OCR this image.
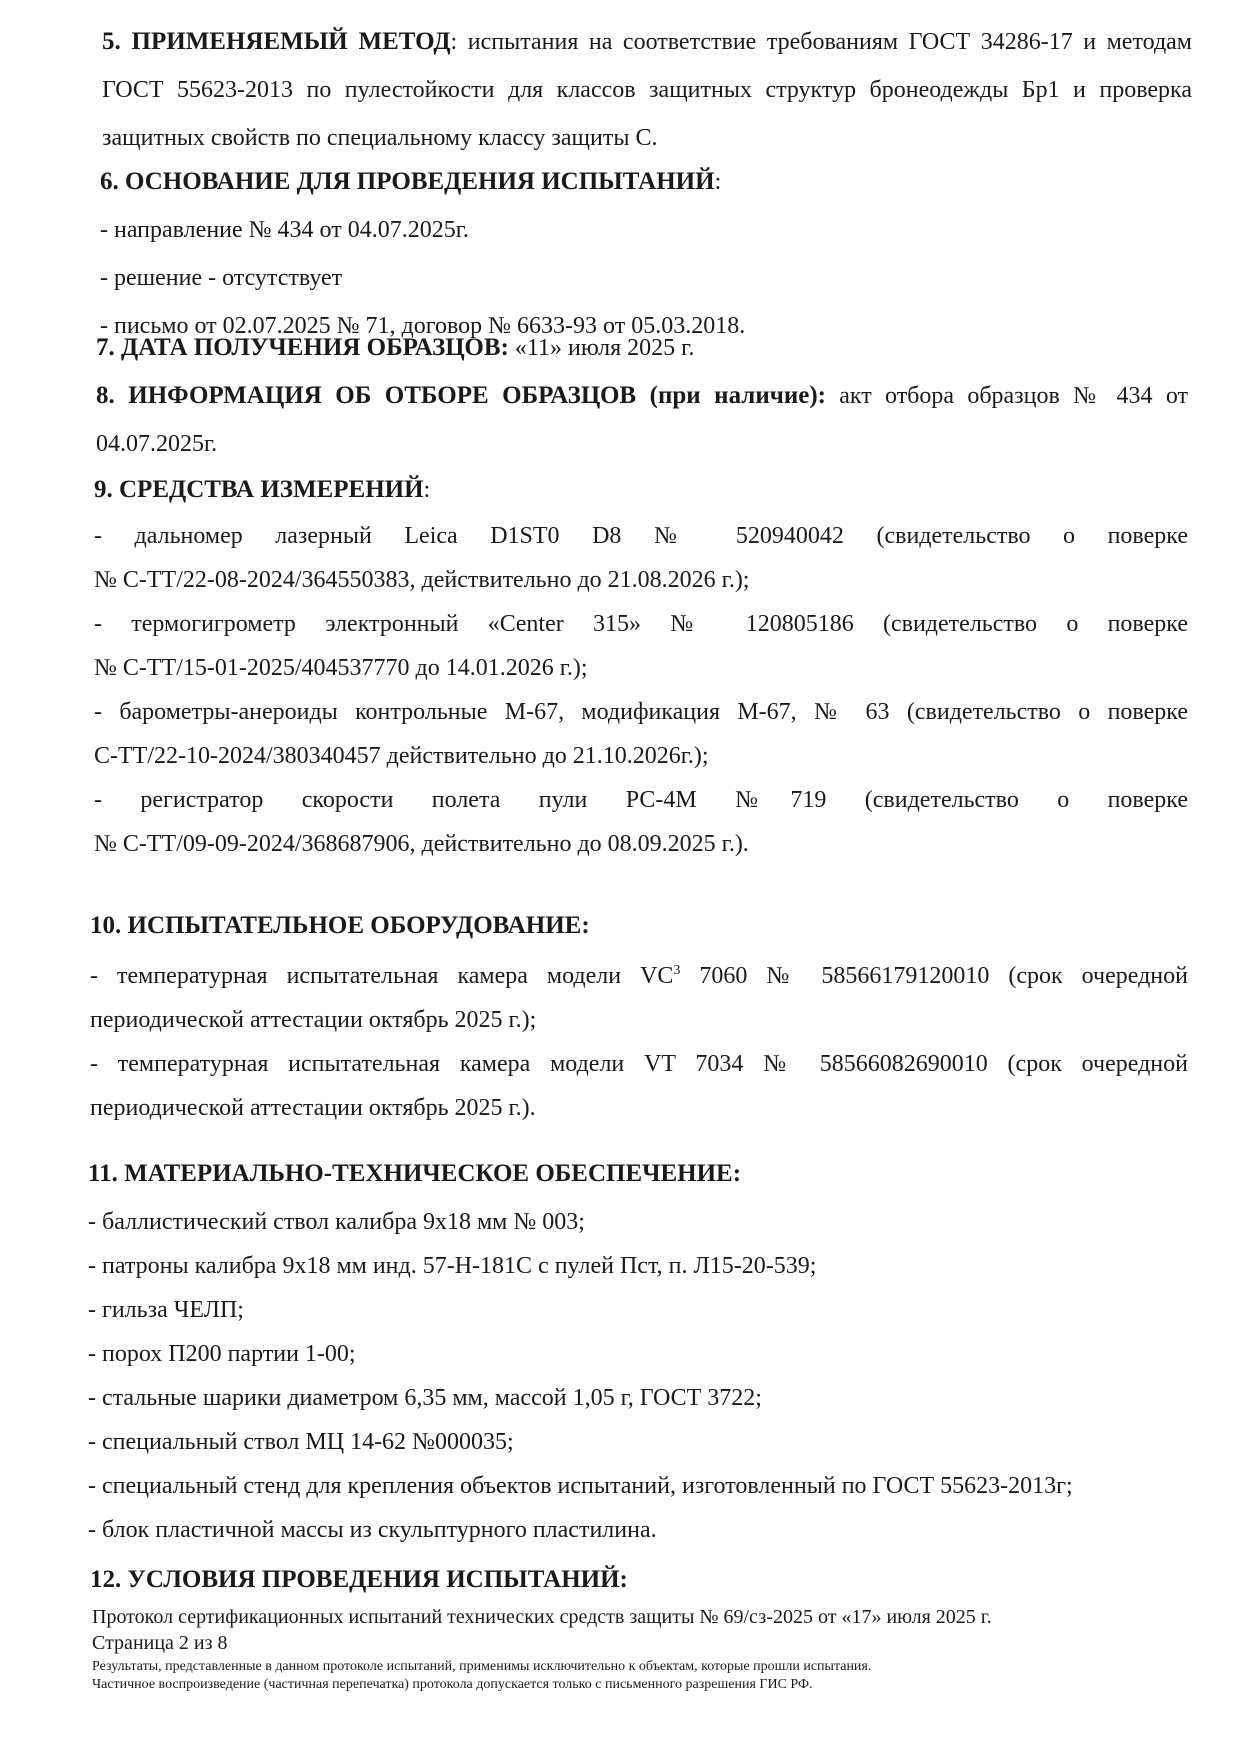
5. ПРИМЕНЯЕМЫЙ МЕТОД: испытания на соответствие требованиям ГОСТ 34286-17 и методам
ГОСТ 55623-2013 по пулестойкости для классов защитных структур бронеодежды Бр1 и проверка
защитных свойств по специальному классу защиты С.
6. ОСНОВАНИЕ ДЛЯ ПРОВЕДЕНИЯ ИСПЫТАНИЙ:
- направление № 434 от 04.07.2025г.
- решение - отсутствует
- письмо от 02.07.2025 № 71, договор № 6633-93 от 05.03.2018.
7. ДАТА ПОЛУЧЕНИЯ ОБРАЗЦОВ: «11» июля 2025 г.
8. ИНФОРМАЦИЯ ОБ ОТБОРЕ ОБРАЗЦОВ (при наличие): акт отбора образцов № 434 от
04.07.2025г.
9. СРЕДСТВА ИЗМЕРЕНИЙ:
- дальномер лазерный Leica D1ST0 D8 № 520940042 (свидетельство о поверке
№ С-ТТ/22-08-2024/364550383, действительно до 21.08.2026 г.);
- термогигрометр электронный «Center 315» № 120805186 (свидетельство о поверке
№ С-ТТ/15-01-2025/404537770 до 14.01.2026 г.);
- барометры-анероиды контрольные М-67, модификация М-67, № 63 (свидетельство о поверке
С-ТТ/22-10-2024/380340457 действительно до 21.10.2026г.);
- регистратор скорости полета пули РС-4М №719 (свидетельство о поверке
№ С-ТТ/09-09-2024/368687906, действительно до 08.09.2025 г.).
10. ИСПЫТАТЕЛЬНОЕ ОБОРУДОВАНИЕ:
- температурная испытательная камера модели $VC^3$ 7060 № 58566179120010 (срок очередной
периодической аттестации октябрь 2025 г.);
- температурная испытательная камера модели VT 7034 № 58566082690010 (срок очередной
периодической аттестации октябрь 2025 г.).
11. МАТЕРИАЛЬНО-ТЕХНИЧЕСКОЕ ОБЕСПЕЧЕНИЕ:
- баллистический ствол калибра 9х18 мм № 003;
- патроны калибра 9х18 мм инд. 57-Н-181С с пулей Пст, п. Л15-20-539;
- гильза ЧЕЛП;
- порох П200 партии 1-00;
- стальные шарики диаметром 6,35 мм, массой 1,05 г, ГОСТ 3722;
- специальный ствол МЦ 14-62 №000035;
- специальный стенд для крепления объектов испытаний, изготовленный по ГОСТ 55623-2013г;
- блок пластичной массы из скульптурного пластилина.
12. УСЛОВИЯ ПРОВЕДЕНИЯ ИСПЫТАНИЙ:
Протокол сертификационных испытаний технических средств защиты № 69/сз-2025 от «17» июля 2025 г.
Страница 2 из 8
Результаты, представленные в данном протоколе испытаний, применимы исключительно к объектам, которые прошли испытания.
Частичное воспроизведение (частичная перепечатка) протокола допускается только с письменного разрешения ГИС РФ.
